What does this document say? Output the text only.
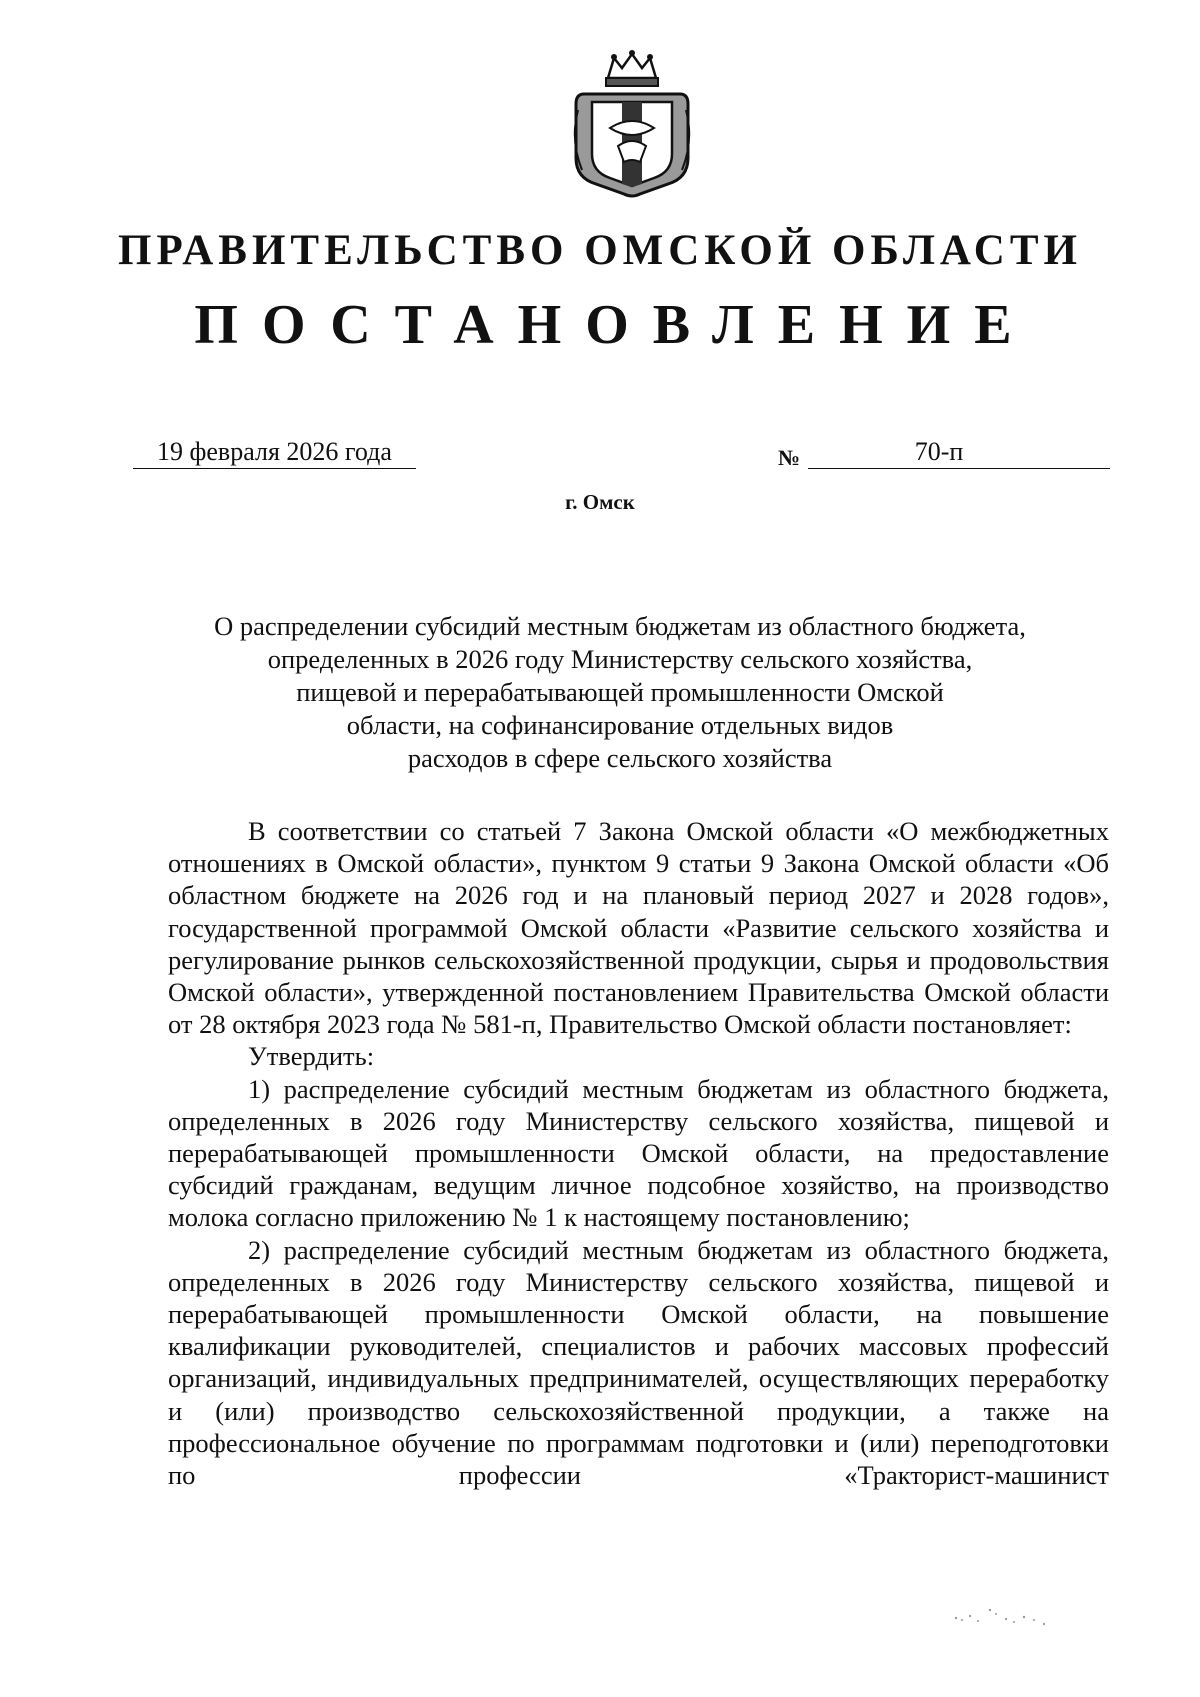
ПРАВИТЕЛЬСТВО ОМСКОЙ ОБЛАСТИ
ПОСТАНОВЛЕНИЕ
19 февраля 2026 года	№	70-п
г. Омск
О распределении субсидий местным бюджетам из областного бюджета,
определенных в 2026 году Министерству сельского хозяйства,
пищевой и перерабатывающей промышленности Омской
области, на софинансирование отдельных видов
расходов в сфере сельского хозяйства

В соответствии со статьей 7 Закона Омской области «О межбюджетных отношениях в Омской области», пунктом 9 статьи 9 Закона Омской области «Об областном бюджете на 2026 год и на плановый период 2027 и 2028 годов», государственной программой Омской области «Развитие сельского хозяйства и регулирование рынков сельскохозяйственной продукции, сырья и продовольствия Омской области», утвержденной постановлением Правительства Омской области от 28 октября 2023 года № 581-п, Правительство Омской области постановляет:

Утвердить:

1) распределение субсидий местным бюджетам из областного бюджета, определенных в 2026 году Министерству сельского хозяйства, пищевой и перерабатывающей промышленности Омской области, на предоставление субсидий гражданам, ведущим личное подсобное хозяйство, на производство молока согласно приложению № 1 к настоящему постановлению;

2) распределение субсидий местным бюджетам из областного бюджета, определенных в 2026 году Министерству сельского хозяйства, пищевой и перерабатывающей промышленности Омской области, на повышение квалификации руководителей, специалистов и рабочих массовых профессий организаций, индивидуальных предпринимателей, осуществляющих переработку и (или) производство сельскохозяйственной продукции, а также на профессиональное обучение по программам подготовки и (или) переподготовки по профессии «Тракторист-машинист
